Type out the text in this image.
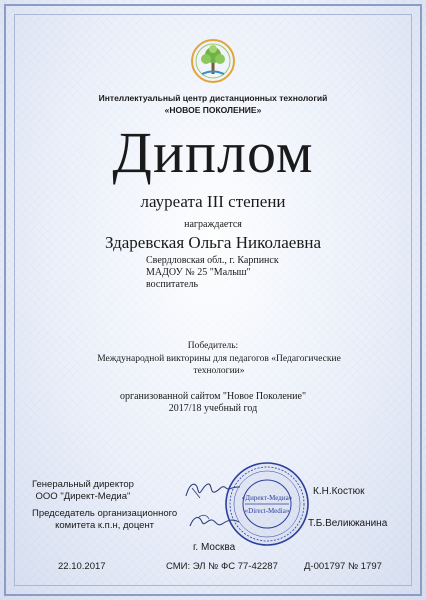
Интеллектуальный центр дистанционных технологий
«НОВОЕ ПОКОЛЕНИЕ»
Диплом
лауреата III степени
награждается
Здаревская Ольга Николаевна
Свердловская обл., г. Карпинск
МАДОУ № 25 "Малыш"
воспитатель
Победитель:
Международной викторины для педагогов «Педагогические технологии»
организованной сайтом "Новое Поколение"
2017/18 учебный год
Генеральный директор
ООО "Директ-Медиа"
Председатель организационного
комитета к.п.н, доцент
«Директ-Медиа»
«Direct-Media»
К.Н.Костюк
Т.Б.Великжанина
г. Москва
22.10.2017	СМИ: ЭЛ № ФС 77-42287	Д-001797 № 1797
